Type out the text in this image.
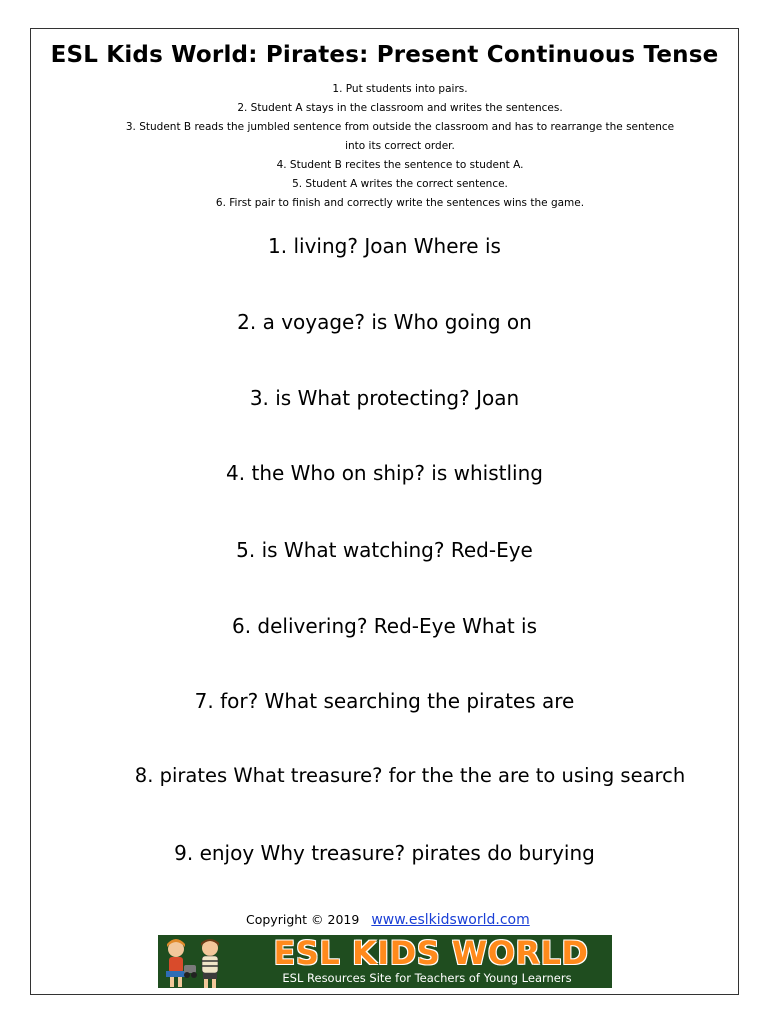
ESL Kids World: Pirates: Present Continuous Tense
1. Put students into pairs.
2. Student A stays in the classroom and writes the sentences.
3. Student B reads the jumbled sentence from outside the classroom and has to rearrange the sentence
into its correct order.
4. Student B recites the sentence to student A.
5. Student A writes the correct sentence.
6. First pair to finish and correctly write the sentences wins the game.
1. living? Joan Where is
2. a voyage? is Who going on
3. is What protecting? Joan
4. the Who on ship? is whistling
5. is What watching? Red-Eye
6. delivering? Red-Eye What is
7. for? What searching the pirates are
8. pirates What treasure? for the the are to using search
9. enjoy Why treasure? pirates do burying
Copyright © 2019 www.eslkidsworld.com
ESL KIDS WORLD
ESL Resources Site for Teachers of Young Learners
